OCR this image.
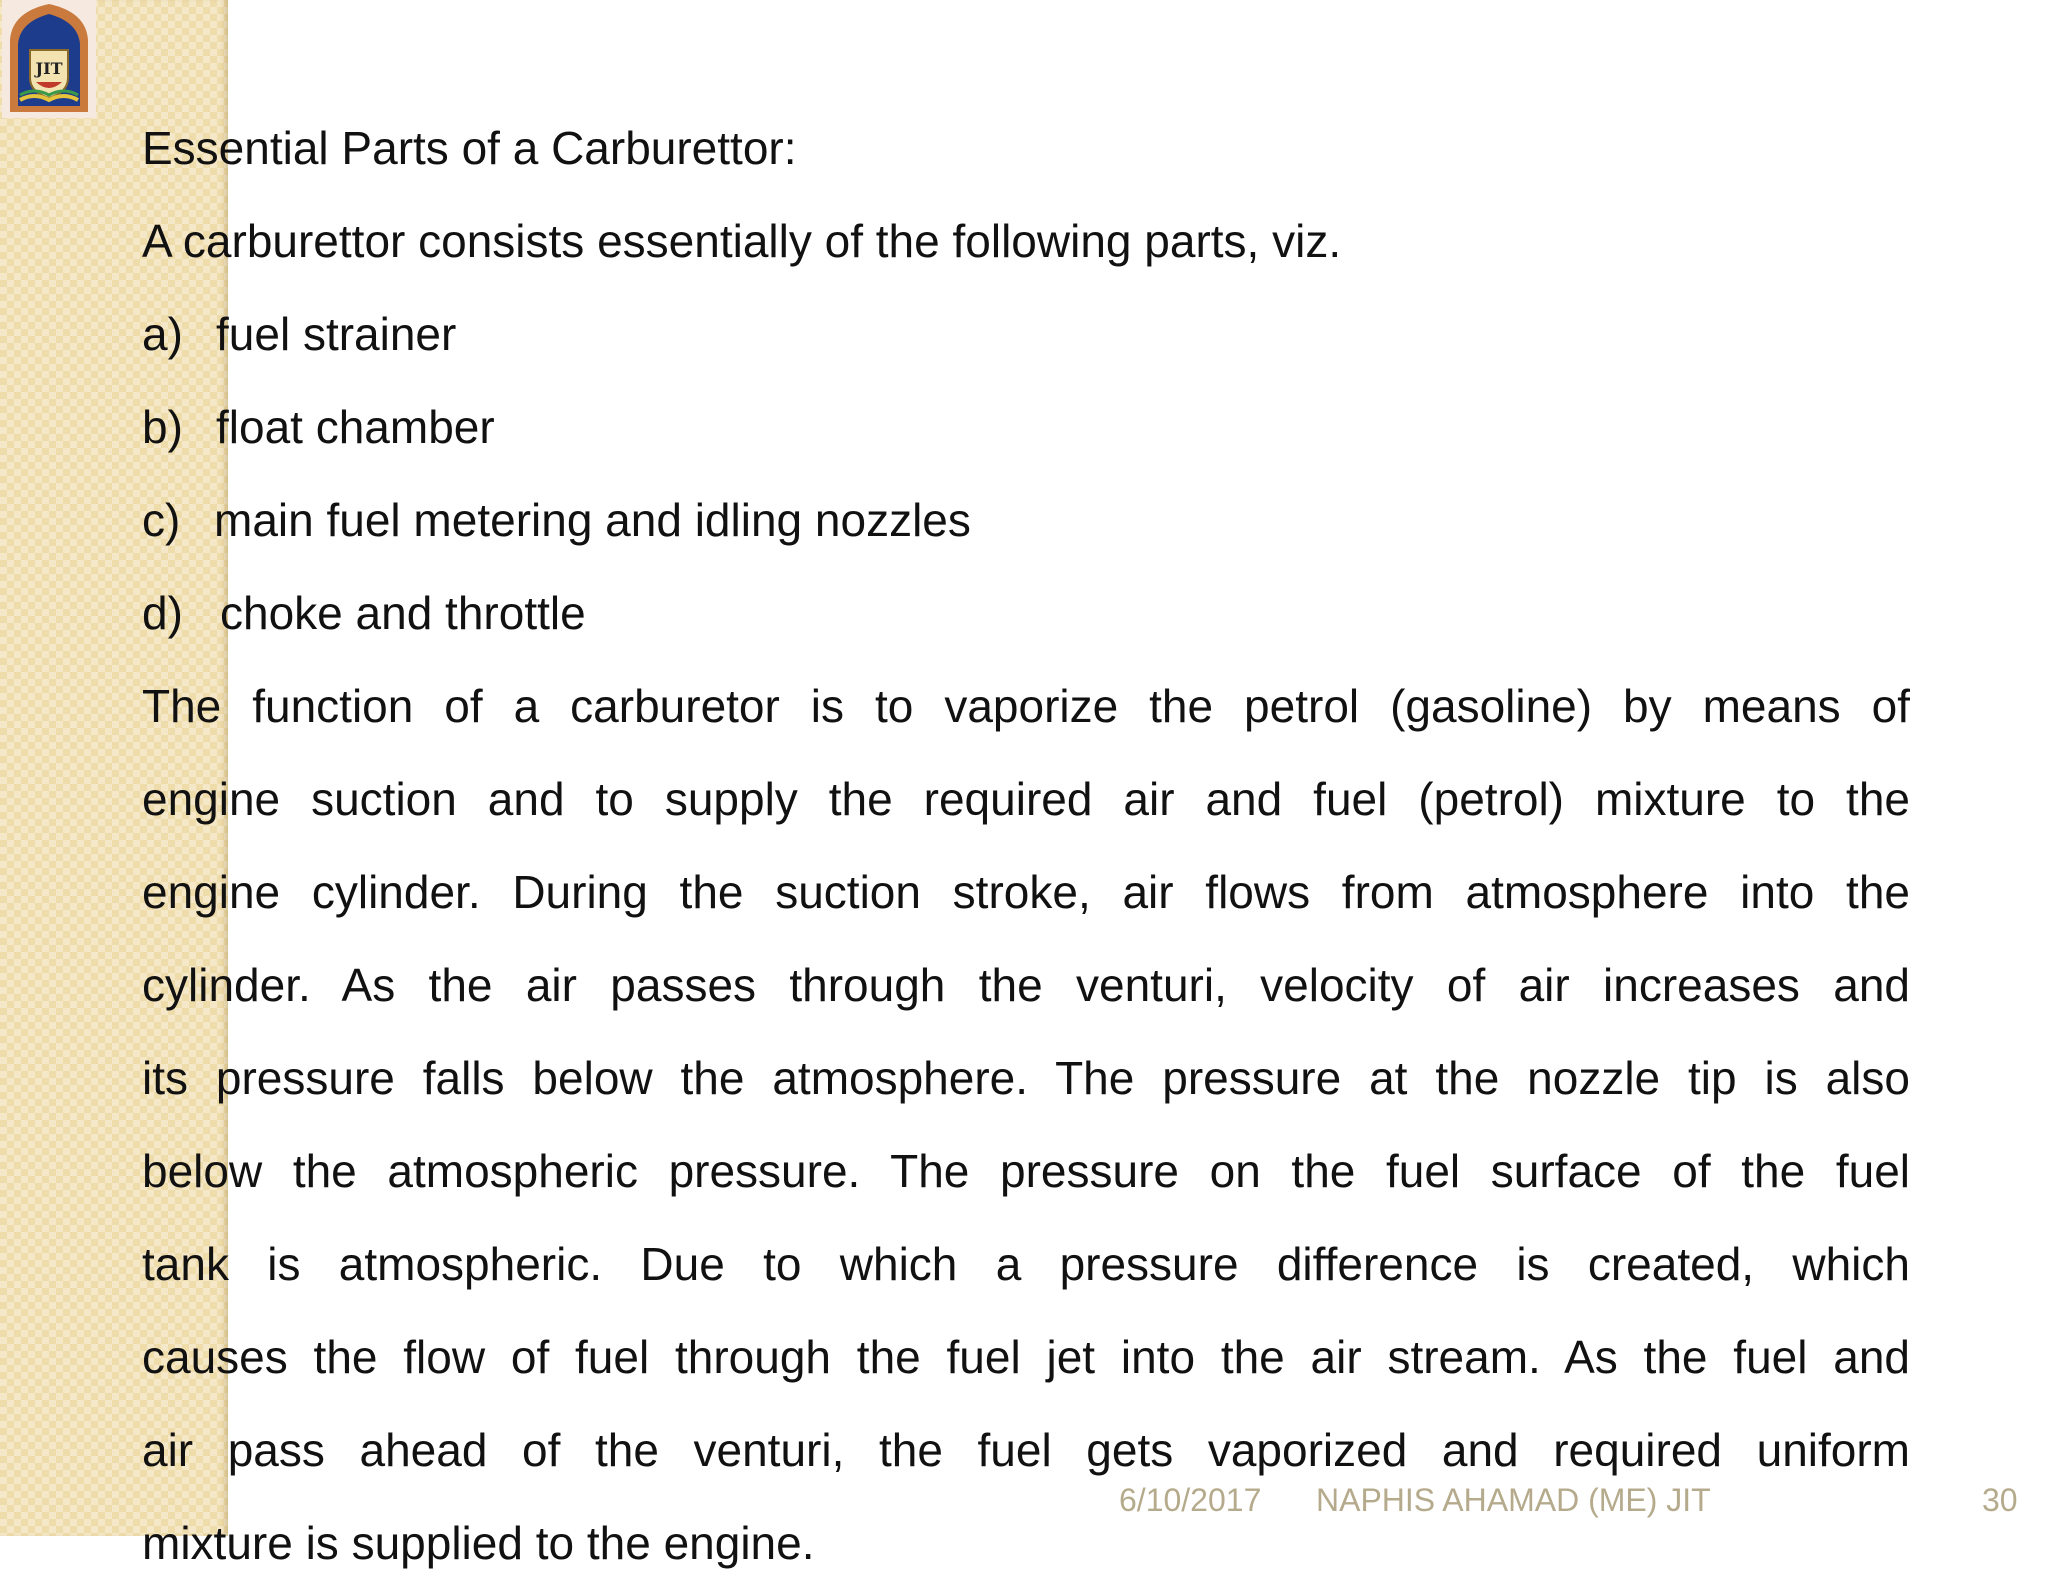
JIT
Essential Parts of a Carburettor:
A carburettor consists essentially of the following parts, viz.
a) fuel strainer
b) float chamber
c) main fuel metering and idling nozzles
d) choke and throttle
The function of a carburetor is to vaporize the petrol (gasoline) by means of
engine suction and to supply the required air and fuel (petrol) mixture to the
engine cylinder. During the suction stroke, air flows from atmosphere into the
cylinder. As the air passes through the venturi, velocity of air increases and
its pressure falls below the atmosphere. The pressure at the nozzle tip is also
below the atmospheric pressure. The pressure on the fuel surface of the fuel
tank is atmospheric. Due to which a pressure difference is created, which
causes the flow of fuel through the fuel jet into the air stream. As the fuel and
air pass ahead of the venturi, the fuel gets vaporized and required uniform
mixture is supplied to the engine.
6/10/2017 NAPHIS AHAMAD (ME) JIT	30
